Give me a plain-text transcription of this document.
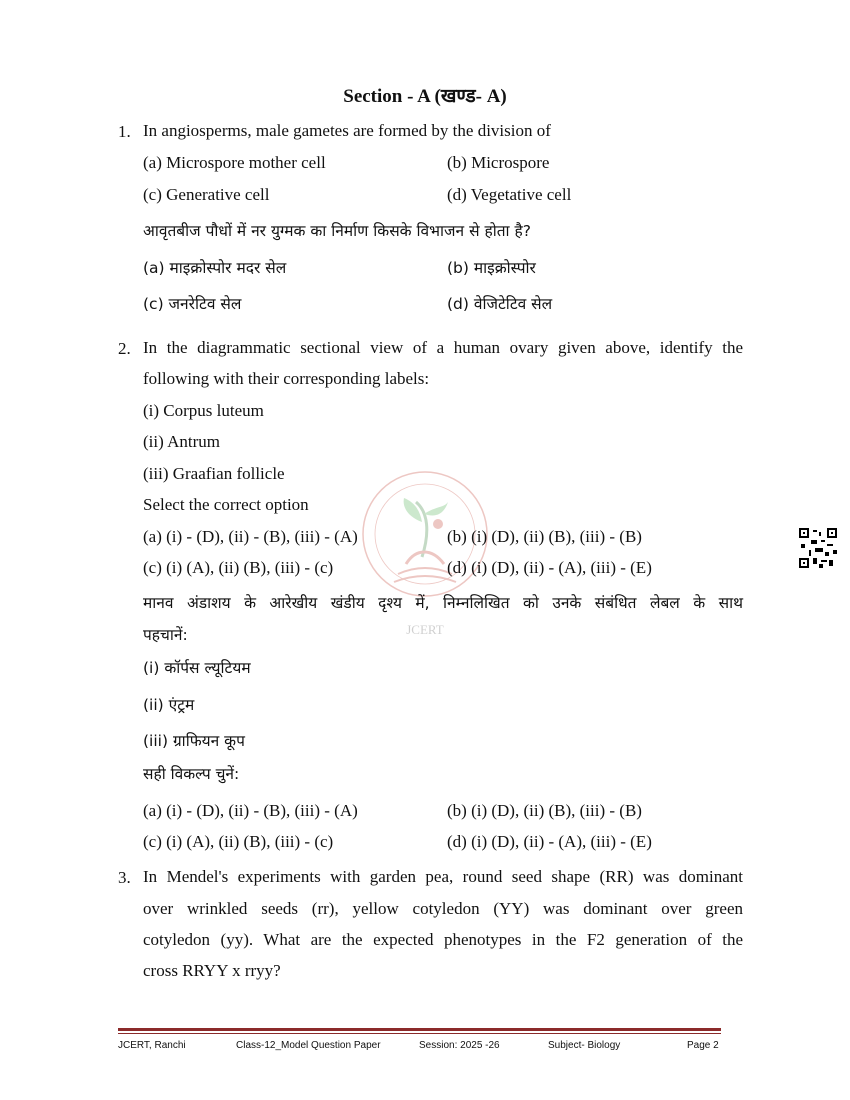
Section - A (खण्ड- A)
1. In angiosperms, male gametes are formed by the division of
(a) Microspore mother cell	(b) Microspore
(c) Generative cell	(d) Vegetative cell
आवृतबीज पौधों में नर युग्मक का निर्माण किसके विभाजन से होता है?
(a) माइक्रोस्पोर मदर सेल	(b) माइक्रोस्पोर
(c) जनरेटिव सेल	(d) वेजिटेटिव सेल
JCERT
2. In the diagrammatic sectional view of a human ovary given above, identify the
following with their corresponding labels:
(i) Corpus luteum
(ii) Antrum
(iii) Graafian follicle
Select the correct option
(a) (i) - (D), (ii) - (B), (iii) - (A)	(b) (i) (D), (ii) (B), (iii) - (B)
(c) (i) (A), (ii) (B), (iii) - (c)	(d) (i) (D), (ii) - (A), (iii) - (E)
मानव अंडाशय के आरेखीय खंडीय दृश्य में, निम्नलिखित को उनके संबंधित लेबल के साथ
पहचानें:
(i) कॉर्पस ल्यूटियम
(ii) एंट्रम
(iii) ग्राफियन कूप
सही विकल्प चुनें:
(a) (i) - (D), (ii) - (B), (iii) - (A)	(b) (i) (D), (ii) (B), (iii) - (B)
(c) (i) (A), (ii) (B), (iii) - (c)	(d) (i) (D), (ii) - (A), (iii) - (E)
3. In Mendel's experiments with garden pea, round seed shape (RR) was dominant
over wrinkled seeds (rr), yellow cotyledon (YY) was dominant over green
cotyledon (yy). What are the expected phenotypes in the F2 generation of the
cross RRYY x rryy?
JCERT, Ranchi	Class-12_Model Question Paper	Session: 2025 -26	Subject- Biology	Page 2
